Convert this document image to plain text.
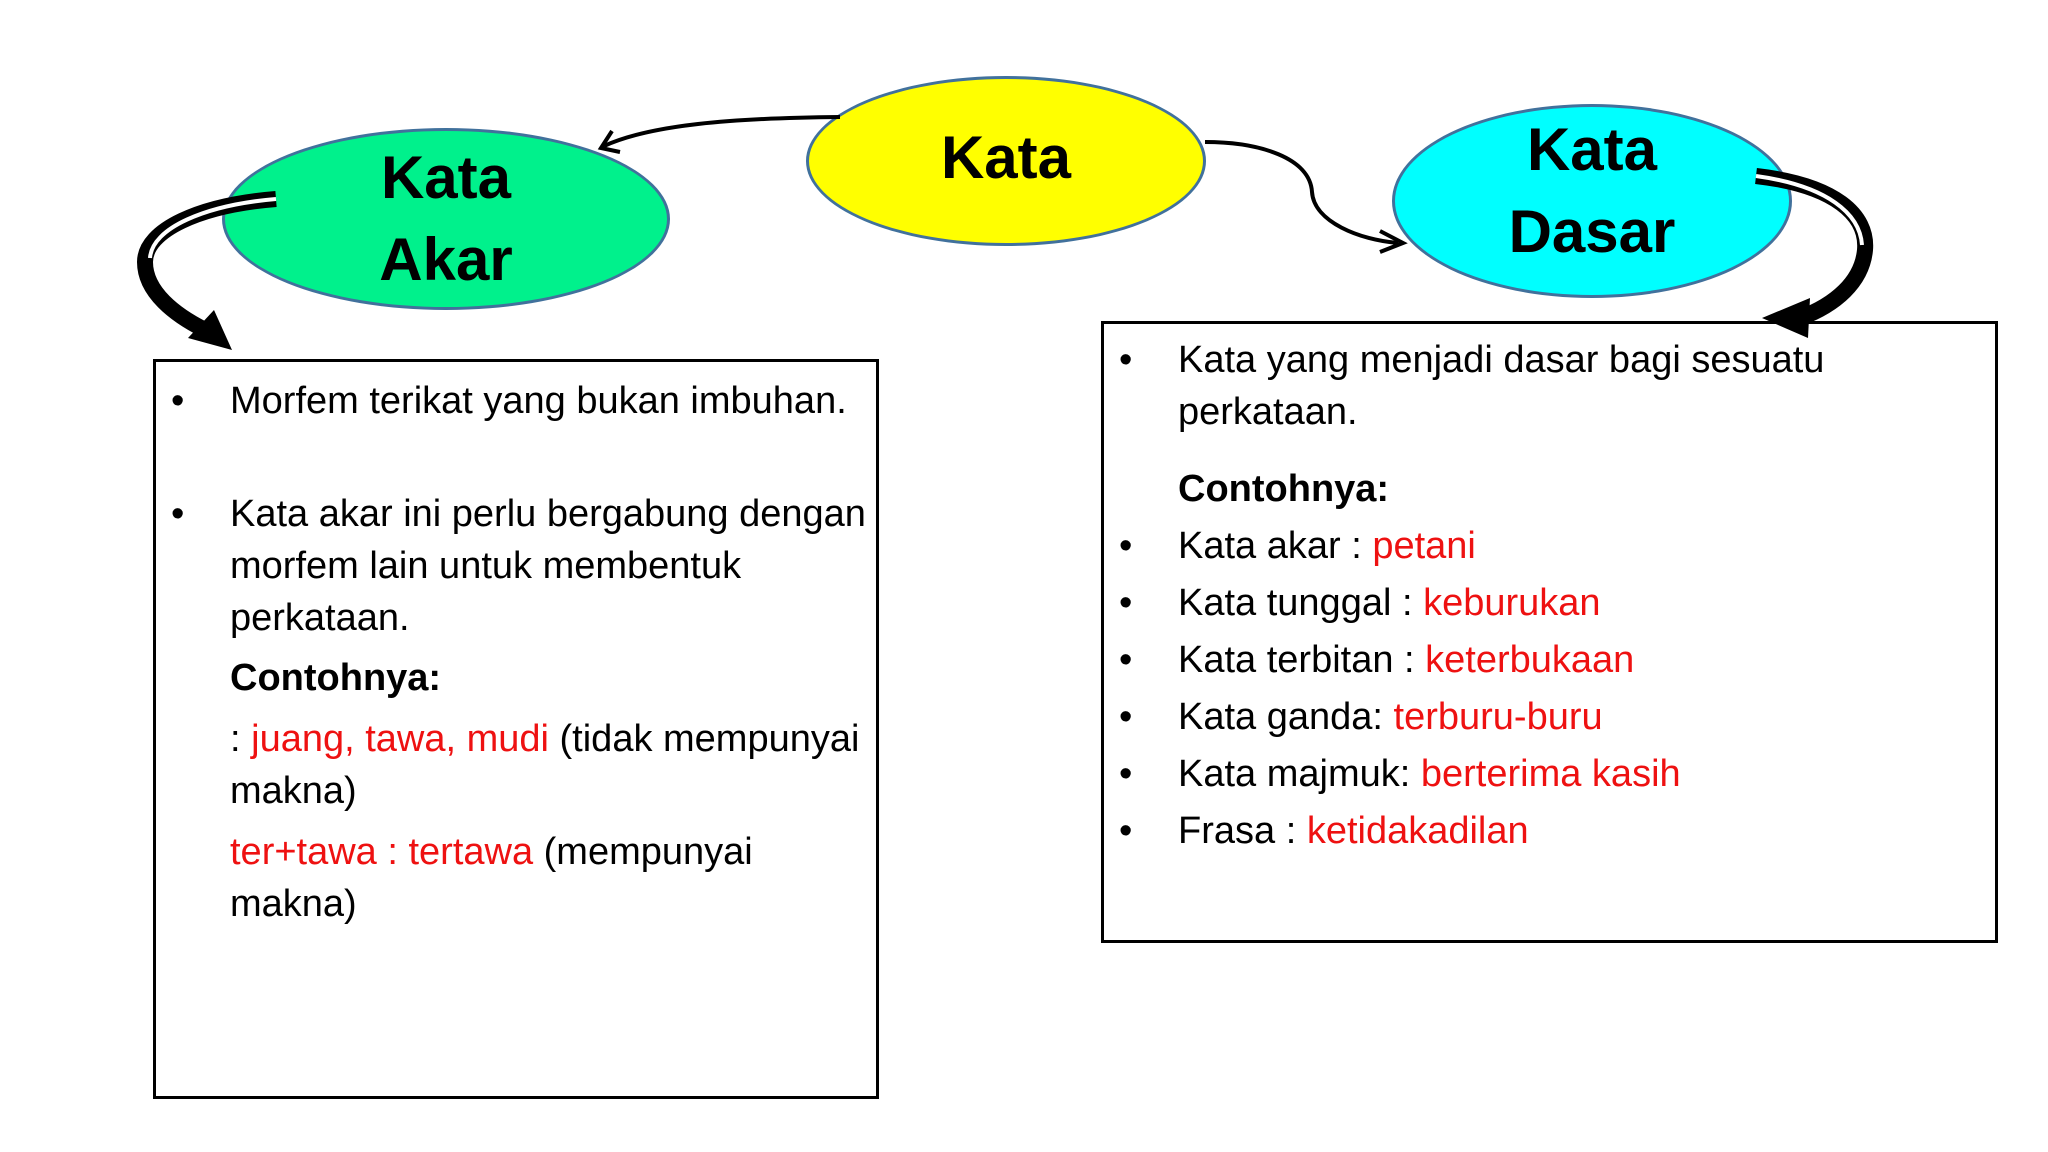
Kata
Akar
Kata	Kata
Dasar

• Morfem terikat yang bukan imbuhan.

• Kata akar ini perlu bergabung dengan morfem lain untuk membentuk perkataan.

Contohnya:

: juang, tawa, mudi (tidak mempunyai makna)

ter+tawa : tertawa (mempunyai makna)

• Kata yang menjadi dasar bagi sesuatu perkataan.

Contohnya:

• Kata akar : petani

• Kata tunggal : keburukan

• Kata terbitan : keterbukaan

• Kata ganda: terburu-buru

• Kata majmuk: berterima kasih

• Frasa : ketidakadilan
